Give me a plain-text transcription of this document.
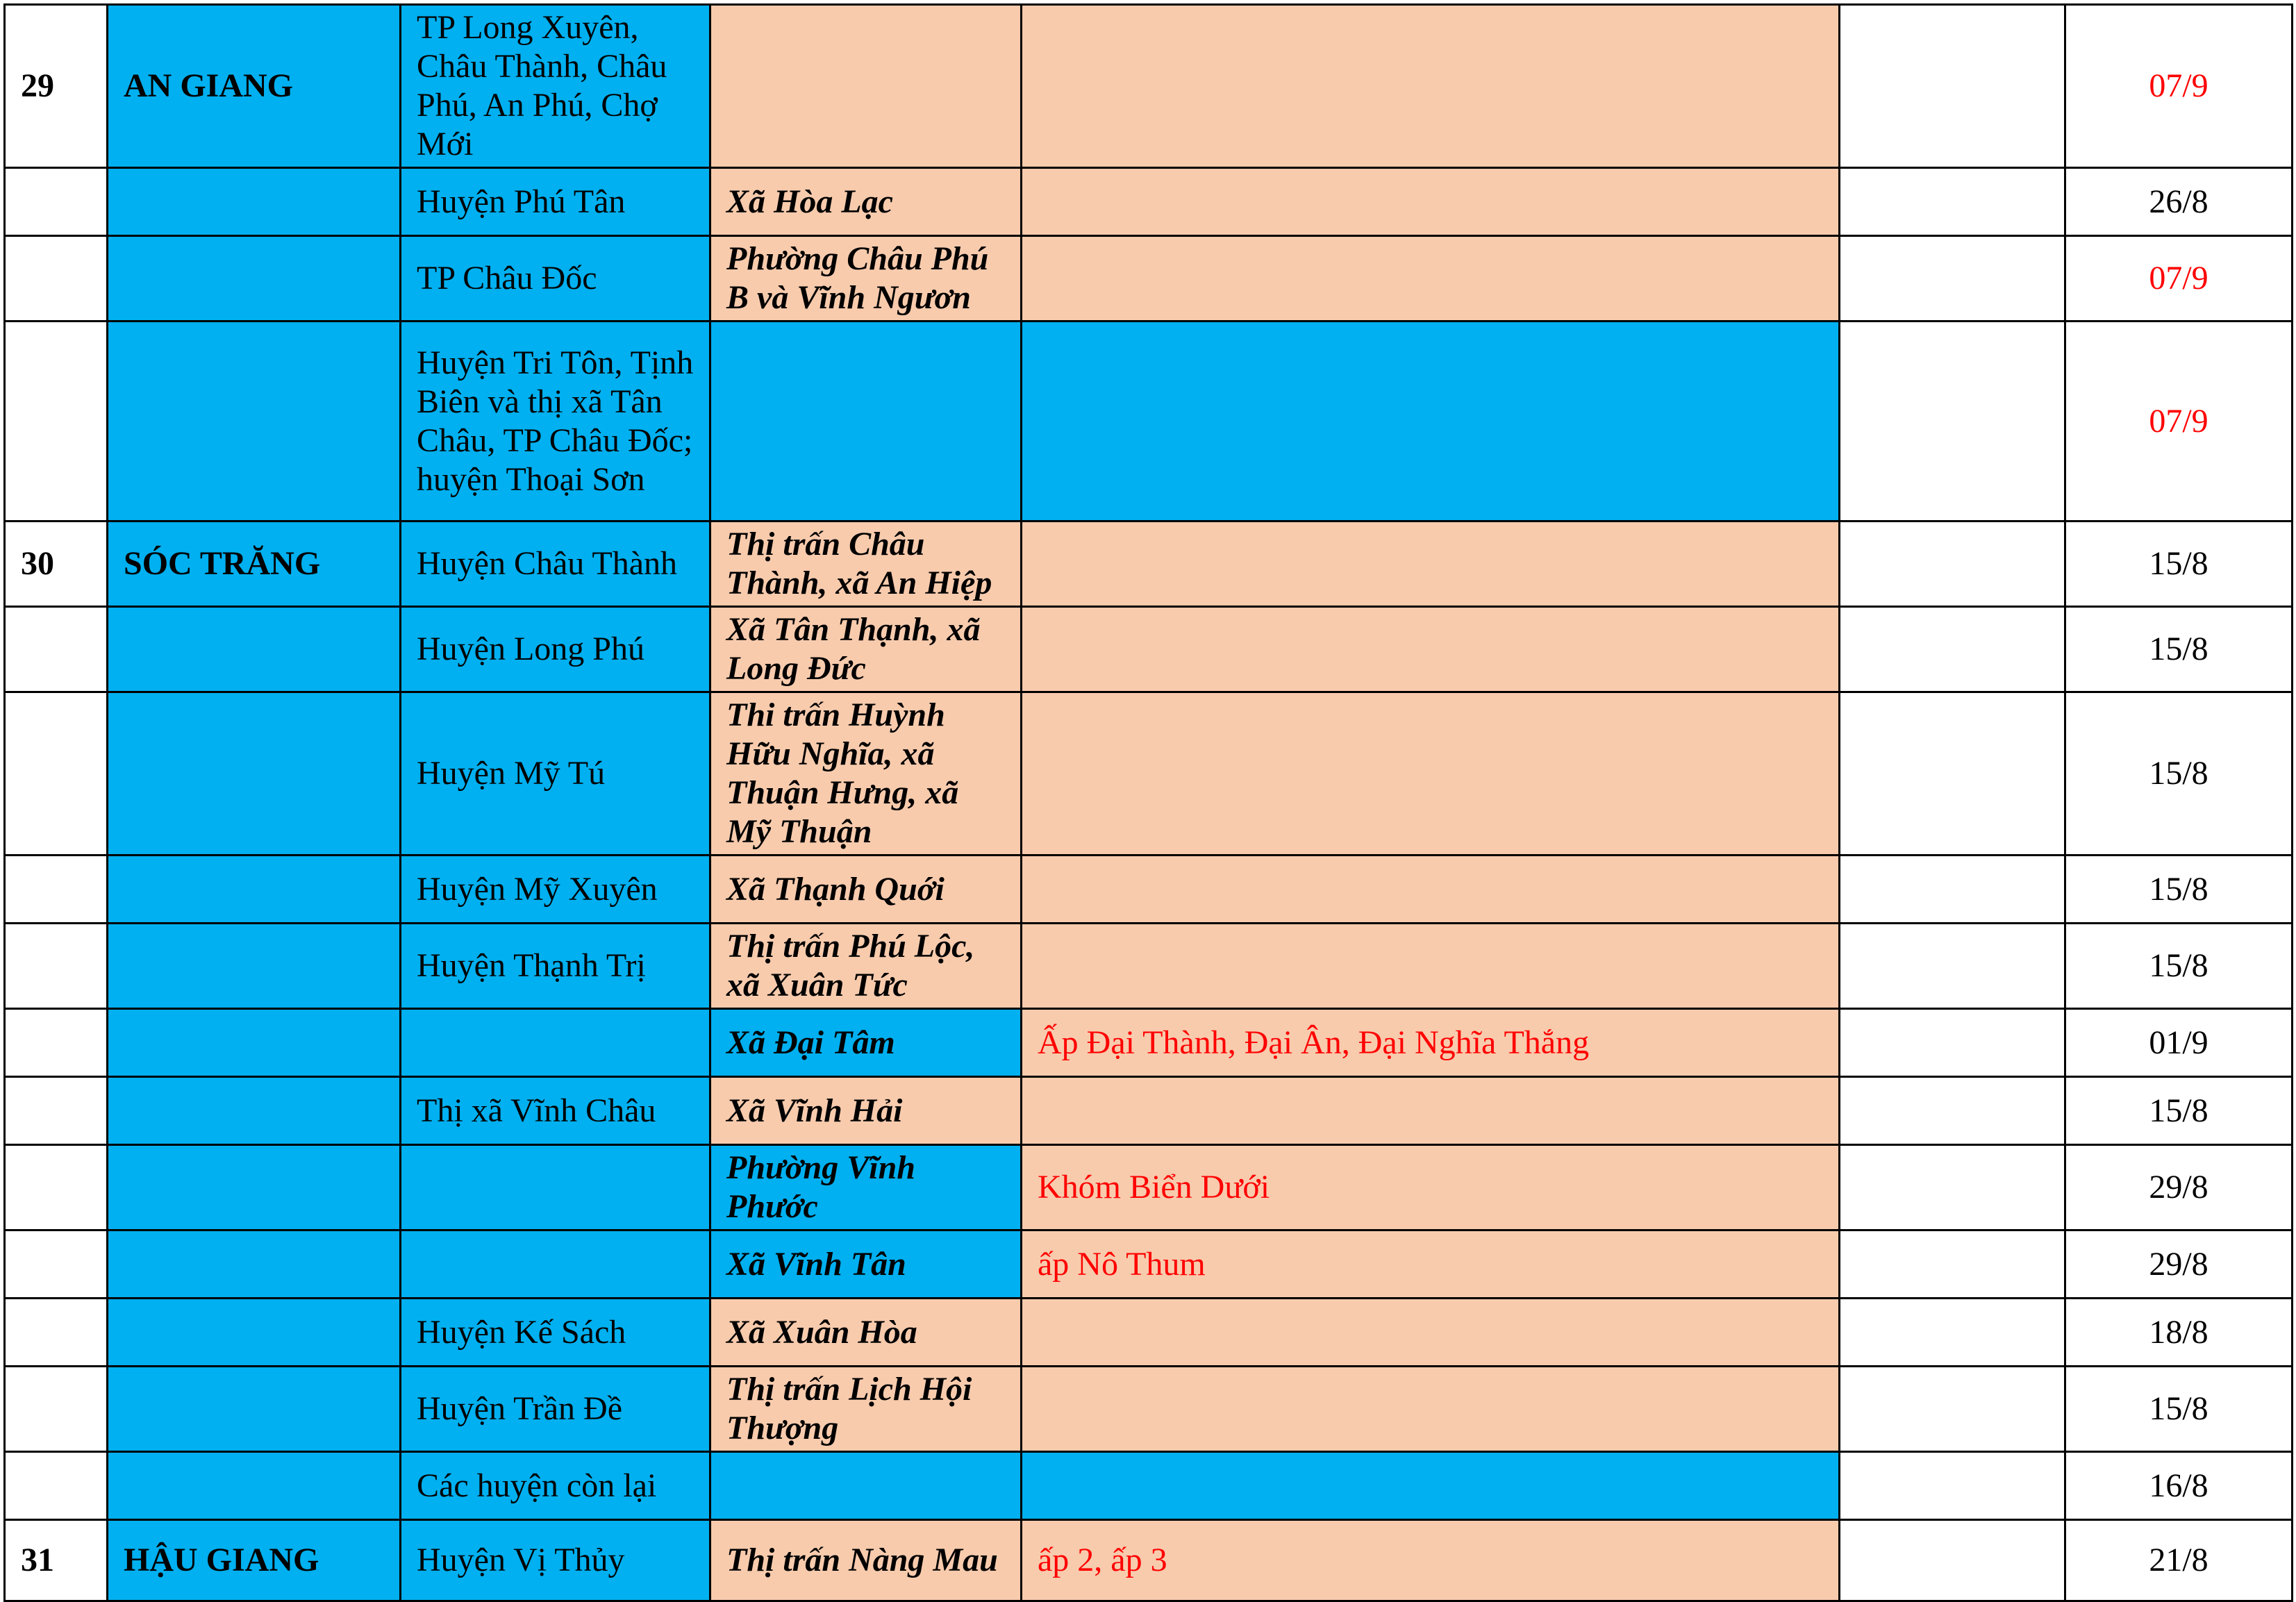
29	AN GIANG	TP Long Xuyên, Châu Thành, Châu Phú, An Phú, Chợ Mới				07/9
		Huyện Phú Tân	Xã Hòa Lạc			26/8
		TP Châu Đốc	Phường Châu Phú B và Vĩnh Ngươn			07/9
		Huyện Tri Tôn, Tịnh Biên và thị xã Tân Châu, TP Châu Đốc; huyện Thoại Sơn				07/9
30	SÓC TRĂNG	Huyện Châu Thành	Thị trấn Châu Thành, xã An Hiệp			15/8
		Huyện Long Phú	Xã Tân Thạnh, xã Long Đức			15/8
		Huyện Mỹ Tú	Thi trấn Huỳnh Hữu Nghĩa, xã Thuận Hưng, xã Mỹ Thuận			15/8
		Huyện Mỹ Xuyên	Xã Thạnh Quới			15/8
		Huyện Thạnh Trị	Thị trấn Phú Lộc, xã Xuân Tức			15/8
			Xã Đại Tâm	Ấp Đại Thành, Đại Ân, Đại Nghĩa Thắng		01/9
		Thị xã Vĩnh Châu	Xã Vĩnh Hải			15/8
			Phường Vĩnh Phước	Khóm Biển Dưới		29/8
			Xã Vĩnh Tân	ấp Nô Thum		29/8
		Huyện Kế Sách	Xã Xuân Hòa			18/8
		Huyện Trần Đề	Thị trấn Lịch Hội Thượng			15/8
		Các huyện còn lại				16/8
31	HẬU GIANG	Huyện Vị Thủy	Thị trấn Nàng Mau	ấp 2, ấp 3		21/8
